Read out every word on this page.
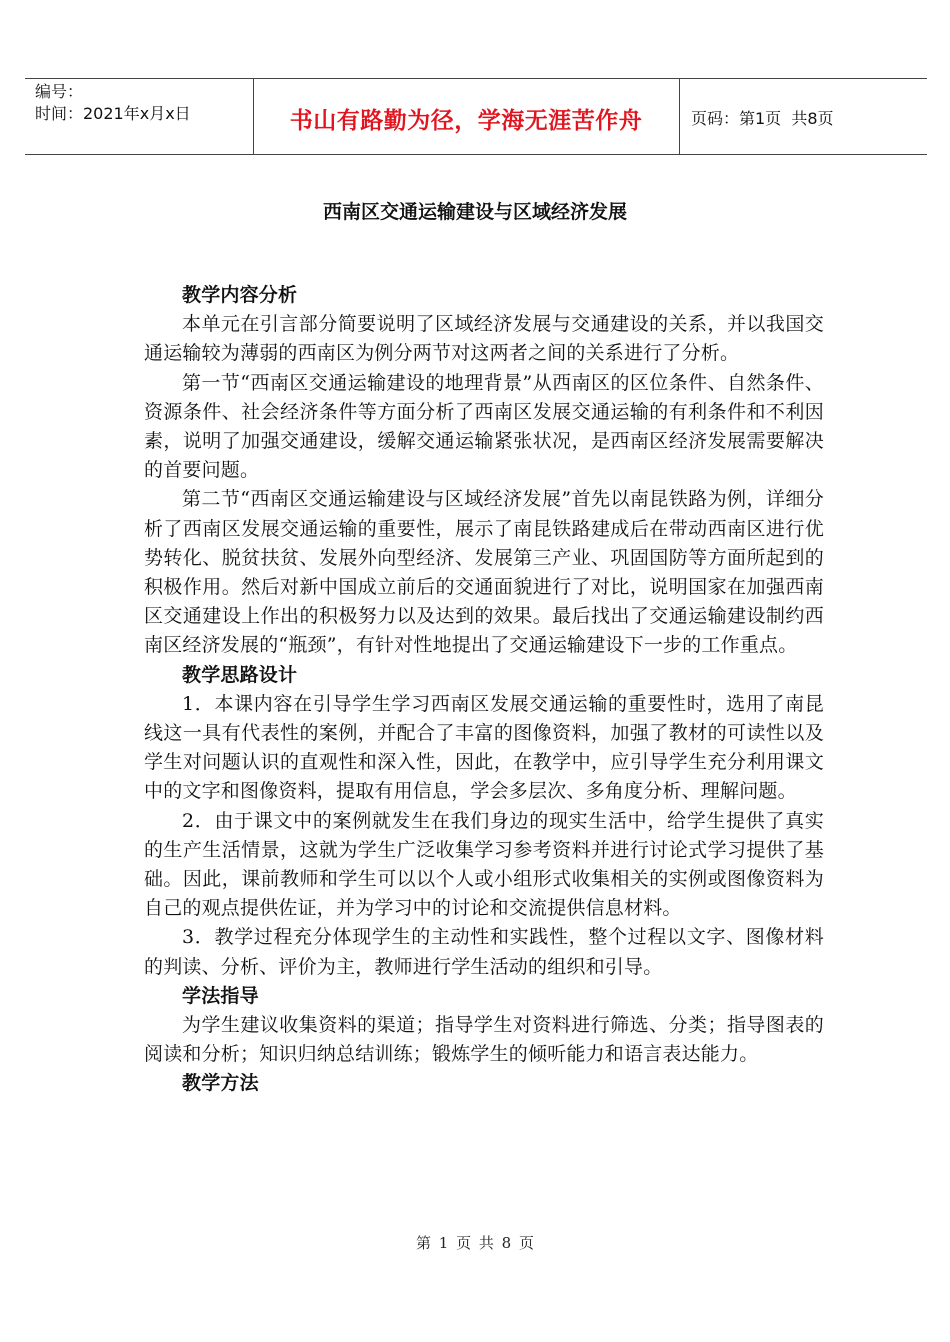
编号：
时间：2021年x月x日	书山有路勤为径，学海无涯苦作舟	页码：第1页  共8页
西南区交通运输建设与区域经济发展
教学内容分析

本单元在引言部分简要说明了区域经济发展与交通建设的关系，并以我国交通运输较为薄弱的西南区为例分两节对这两者之间的关系进行了分析。

第一节“西南区交通运输建设的地理背景”从西南区的区位条件、自然条件、资源条件、社会经济条件等方面分析了西南区发展交通运输的有利条件和不利因素，说明了加强交通建设，缓解交通运输紧张状况，是西南区经济发展需要解决的首要问题。

第二节“西南区交通运输建设与区域经济发展”首先以南昆铁路为例，详细分析了西南区发展交通运输的重要性，展示了南昆铁路建成后在带动西南区进行优势转化、脱贫扶贫、发展外向型经济、发展第三产业、巩固国防等方面所起到的积极作用。然后对新中国成立前后的交通面貌进行了对比，说明国家在加强西南区交通建设上作出的积极努力以及达到的效果。最后找出了交通运输建设制约西南区经济发展的“瓶颈”，有针对性地提出了交通运输建设下一步的工作重点。

教学思路设计

1．本课内容在引导学生学习西南区发展交通运输的重要性时，选用了南昆线这一具有代表性的案例，并配合了丰富的图像资料，加强了教材的可读性以及学生对问题认识的直观性和深入性，因此，在教学中，应引导学生充分利用课文中的文字和图像资料，提取有用信息，学会多层次、多角度分析、理解问题。

2．由于课文中的案例就发生在我们身边的现实生活中，给学生提供了真实的生产生活情景，这就为学生广泛收集学习参考资料并进行讨论式学习提供了基础。因此，课前教师和学生可以以个人或小组形式收集相关的实例或图像资料为自己的观点提供佐证，并为学习中的讨论和交流提供信息材料。

3．教学过程充分体现学生的主动性和实践性，整个过程以文字、图像材料的判读、分析、评价为主，教师进行学生活动的组织和引导。

学法指导

为学生建议收集资料的渠道；指导学生对资料进行筛选、分类；指导图表的阅读和分析；知识归纳总结训练；锻炼学生的倾听能力和语言表达能力。

教学方法
第 1 页 共 8 页
